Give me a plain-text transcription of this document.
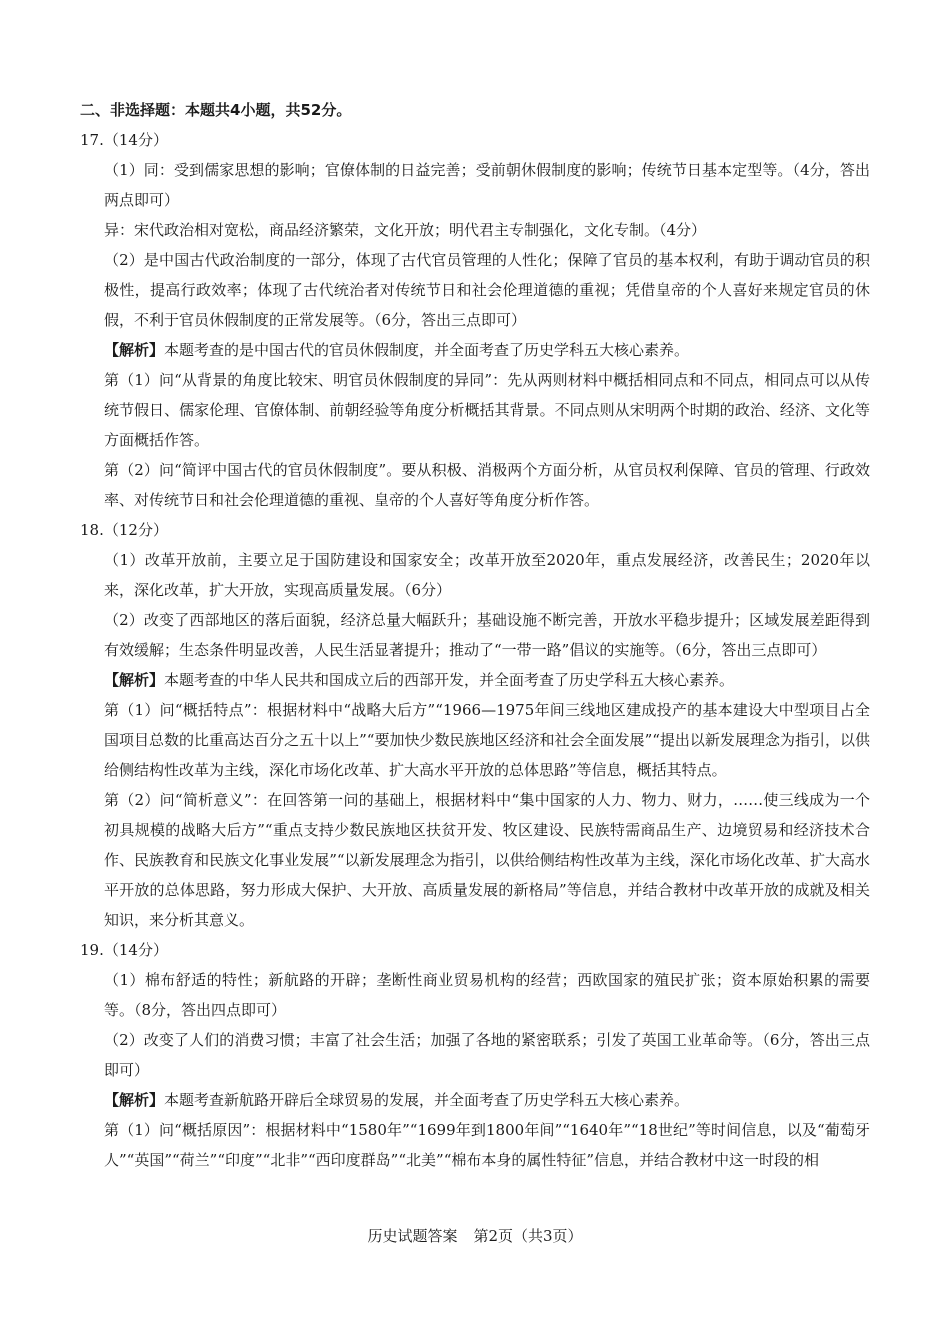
二、非选择题：本题共4小题，共52分。

17.（14分）

（1）同：受到儒家思想的影响；官僚体制的日益完善；受前朝休假制度的影响；传统节日基本定型等。（4分，答出两点即可）

异：宋代政治相对宽松，商品经济繁荣，文化开放；明代君主专制强化，文化专制。（4分）

（2）是中国古代政治制度的一部分，体现了古代官员管理的人性化；保障了官员的基本权利，有助于调动官员的积极性，提高行政效率；体现了古代统治者对传统节日和社会伦理道德的重视；凭借皇帝的个人喜好来规定官员的休假，不利于官员休假制度的正常发展等。（6分，答出三点即可）

【解析】本题考查的是中国古代的官员休假制度，并全面考查了历史学科五大核心素养。

第（1）问“从背景的角度比较宋、明官员休假制度的异同”：先从两则材料中概括相同点和不同点，相同点可以从传统节假日、儒家伦理、官僚体制、前朝经验等角度分析概括其背景。不同点则从宋明两个时期的政治、经济、文化等方面概括作答。

第（2）问“简评中国古代的官员休假制度”。要从积极、消极两个方面分析，从官员权利保障、官员的管理、行政效率、对传统节日和社会伦理道德的重视、皇帝的个人喜好等角度分析作答。

18.（12分）

（1）改革开放前，主要立足于国防建设和国家安全；改革开放至2020年，重点发展经济，改善民生；2020年以来，深化改革，扩大开放，实现高质量发展。（6分）

（2）改变了西部地区的落后面貌，经济总量大幅跃升；基础设施不断完善，开放水平稳步提升；区域发展差距得到有效缓解；生态条件明显改善，人民生活显著提升；推动了“一带一路”倡议的实施等。（6分，答出三点即可）

【解析】本题考查的中华人民共和国成立后的西部开发，并全面考查了历史学科五大核心素养。

第（1）问“概括特点”：根据材料中“战略大后方”“1966—1975年间三线地区建成投产的基本建设大中型项目占全国项目总数的比重高达百分之五十以上”“要加快少数民族地区经济和社会全面发展”“提出以新发展理念为指引，以供给侧结构性改革为主线，深化市场化改革、扩大高水平开放的总体思路”等信息，概括其特点。

第（2）问“简析意义”：在回答第一问的基础上，根据材料中“集中国家的人力、物力、财力，……使三线成为一个初具规模的战略大后方”“重点支持少数民族地区扶贫开发、牧区建设、民族特需商品生产、边境贸易和经济技术合作、民族教育和民族文化事业发展”“以新发展理念为指引，以供给侧结构性改革为主线，深化市场化改革、扩大高水平开放的总体思路，努力形成大保护、大开放、高质量发展的新格局”等信息，并结合教材中改革开放的成就及相关知识，来分析其意义。

19.（14分）

（1）棉布舒适的特性；新航路的开辟；垄断性商业贸易机构的经营；西欧国家的殖民扩张；资本原始积累的需要等。（8分，答出四点即可）

（2）改变了人们的消费习惯；丰富了社会生活；加强了各地的紧密联系；引发了英国工业革命等。（6分，答出三点即可）

【解析】本题考查新航路开辟后全球贸易的发展，并全面考查了历史学科五大核心素养。

第（1）问“概括原因”：根据材料中“1580年”“1699年到1800年间”“1640年”“18世纪”等时间信息，以及“葡萄牙人”“英国”“荷兰”“印度”“北非”“西印度群岛”“北美”“棉布本身的属性特征”信息，并结合教材中这一时段的相

历史试题答案 第2页（共3页）
